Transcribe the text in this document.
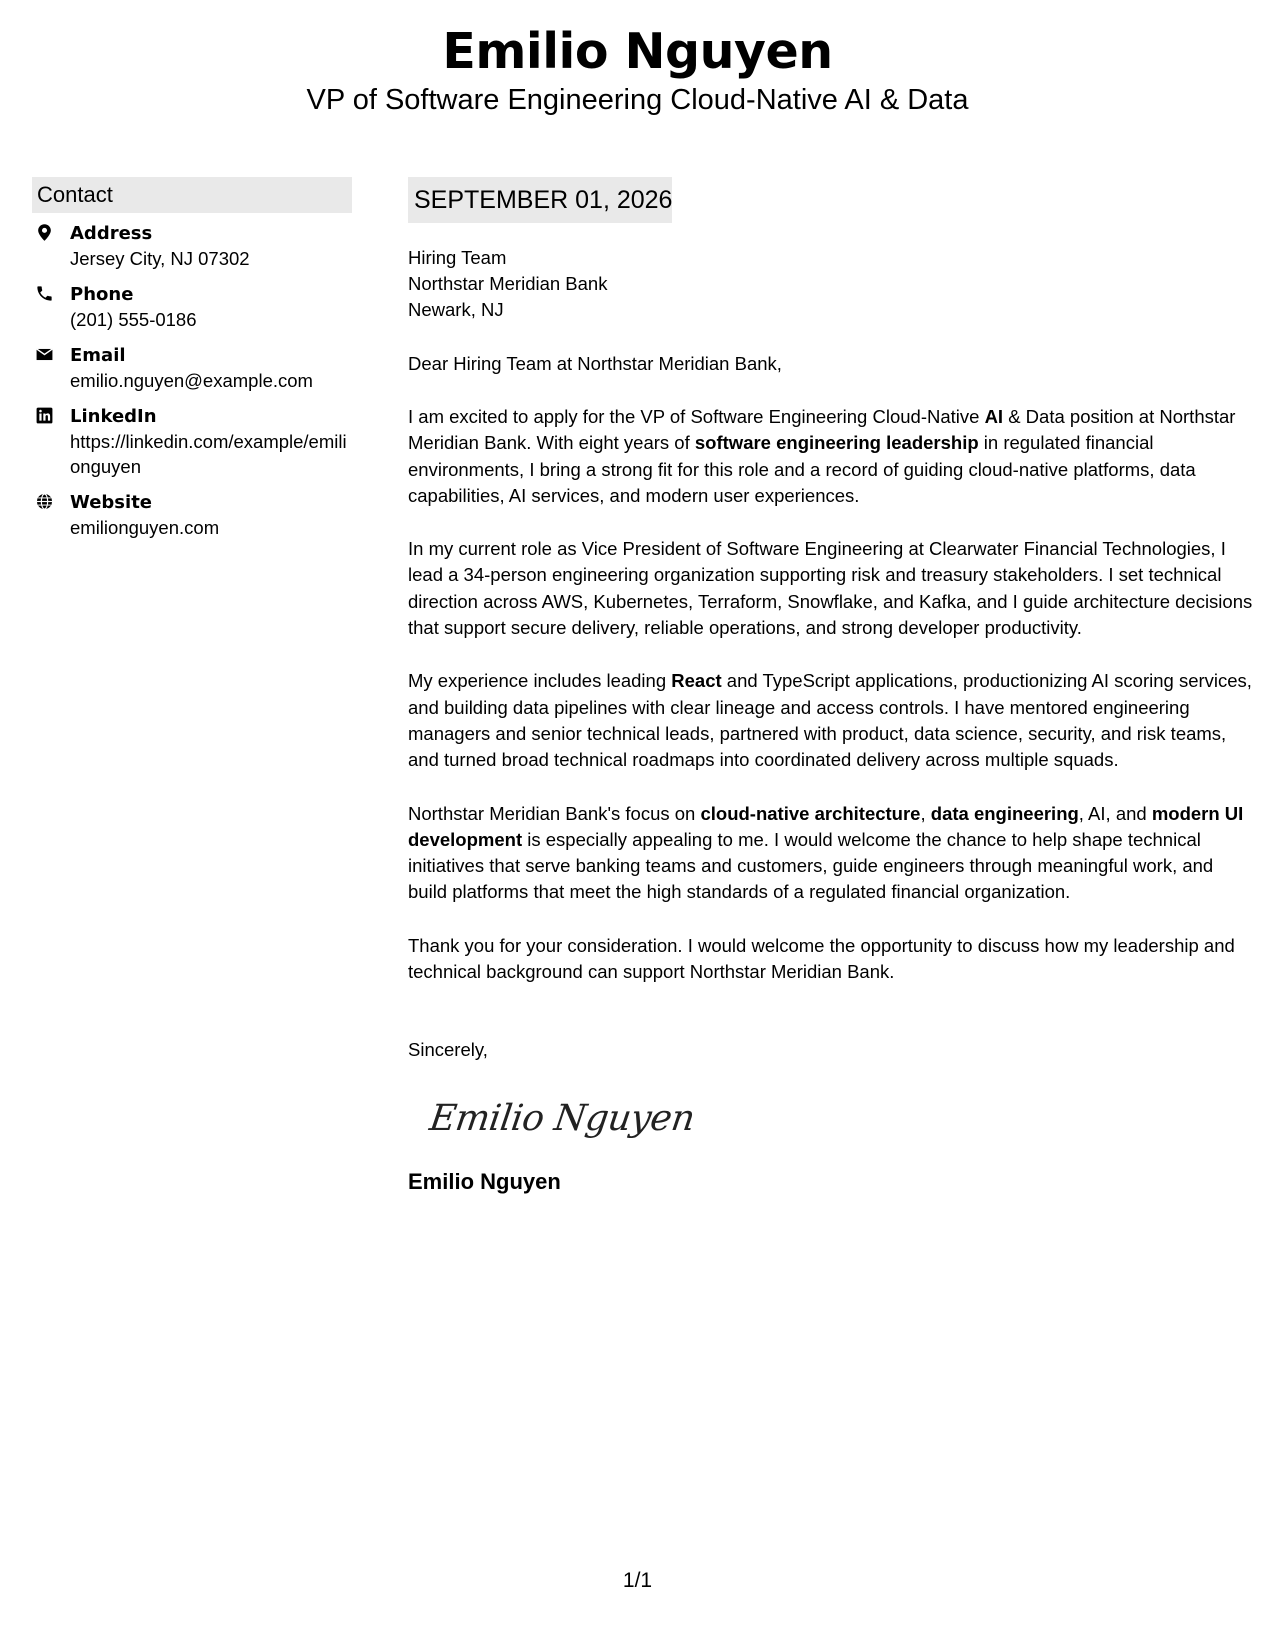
Emilio Nguyen
VP of Software Engineering Cloud-Native AI & Data
Contact
Address
Jersey City, NJ 07302
Phone
(201) 555-0186
Email
emilio.nguyen@example.com
LinkedIn
https://linkedin.com/example/emilionguyen
Website
emilionguyen.com
SEPTEMBER 01, 2026
Hiring Team
Northstar Meridian Bank
Newark, NJ
Dear Hiring Team at Northstar Meridian Bank,
I am excited to apply for the VP of Software Engineering Cloud-Native AI & Data position at Northstar Meridian Bank. With eight years of software engineering leadership in regulated financial environments, I bring a strong fit for this role and a record of guiding cloud-native platforms, data capabilities, AI services, and modern user experiences.
In my current role as Vice President of Software Engineering at Clearwater Financial Technologies, I lead a 34-person engineering organization supporting risk and treasury stakeholders. I set technical direction across AWS, Kubernetes, Terraform, Snowflake, and Kafka, and I guide architecture decisions that support secure delivery, reliable operations, and strong developer productivity.
My experience includes leading React and TypeScript applications, productionizing AI scoring services, and building data pipelines with clear lineage and access controls. I have mentored engineering managers and senior technical leads, partnered with product, data science, security, and risk teams, and turned broad technical roadmaps into coordinated delivery across multiple squads.
Northstar Meridian Bank's focus on cloud-native architecture, data engineering, AI, and modern UI development is especially appealing to me. I would welcome the chance to help shape technical initiatives that serve banking teams and customers, guide engineers through meaningful work, and build platforms that meet the high standards of a regulated financial organization.
Thank you for your consideration. I would welcome the opportunity to discuss how my leadership and technical background can support Northstar Meridian Bank.
Sincerely,
Emilio Nguyen
Emilio Nguyen
1/1
